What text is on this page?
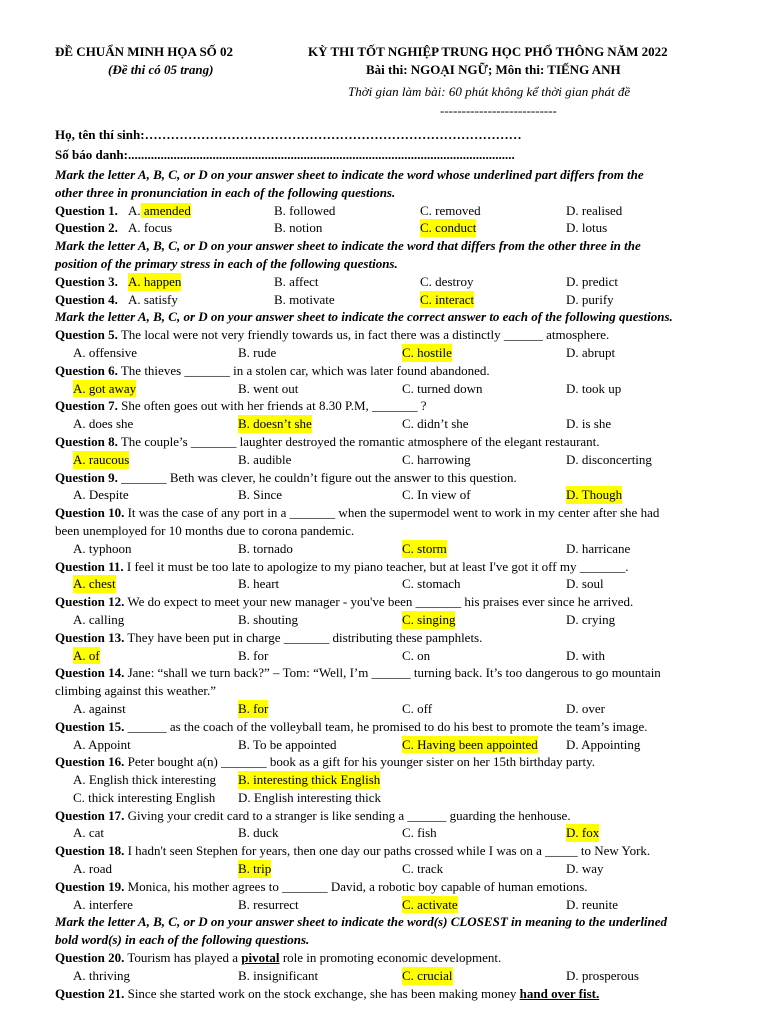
ĐỀ CHUẨN MINH HỌA SỐ 02
(Đề thi có 05 trang)
KỲ THI TỐT NGHIỆP TRUNG HỌC PHỔ THÔNG NĂM 2022
Bài thi: NGOẠI NGỮ; Môn thi: TIẾNG ANH
Thời gian làm bài: 60 phút không kể thời gian phát đề
---------------------------
Họ, tên thí sinh:……………………………………………………………………………
Số báo danh:.......................................................................................................................
Mark the letter A, B, C, or D on your answer sheet to indicate the word whose underlined part differs from the
other three in pronunciation in each of the following questions.
Question 1. A. amended	B. followed	C. removed	D. realised
Question 2. A. focus	B. notion	C. conduct	D. lotus
Mark the letter A, B, C, or D on your answer sheet to indicate the word that differs from the other three in the
position of the primary stress in each of the following questions.
Question 3. A. happen	B. affect	C. destroy	D. predict
Question 4. A. satisfy	B. motivate	C. interact	D. purify
Mark the letter A, B, C, or D on your answer sheet to indicate the correct answer to each of the following questions.
Question 5. The local were not very friendly towards us, in fact there was a distinctly ______ atmosphere.
A. offensive	B. rude	C. hostile	D. abrupt
Question 6. The thieves _______ in a stolen car, which was later found abandoned.
A. got away	B. went out	C. turned down	D. took up
Question 7. She often goes out with her friends at 8.30 P.M, _______ ?
A. does she	B. doesn’t she	C. didn’t she	D. is she
Question 8. The couple’s _______ laughter destroyed the romantic atmosphere of the elegant restaurant.
A. raucous	B. audible	C. harrowing	D. disconcerting
Question 9. _______ Beth was clever, he couldn’t figure out the answer to this question.
A. Despite	B. Since	C. In view of	D. Though
Question 10. It was the case of any port in a _______ when the supermodel went to work in my center after she had
been unemployed for 10 months due to corona pandemic.
A. typhoon	B. tornado	C. storm	D. harricane
Question 11. I feel it must be too late to apologize to my piano teacher, but at least I've got it off my _______.
A. chest	B. heart	C. stomach	D. soul
Question 12. We do expect to meet your new manager - you've been _______ his praises ever since he arrived.
A. calling	B. shouting	C. singing	D. crying
Question 13. They have been put in charge _______ distributing these pamphlets.
A. of	B. for	C. on	D. with
Question 14. Jane: “shall we turn back?” – Tom: “Well, I’m ______ turning back. It’s too dangerous to go mountain
climbing against this weather.”
A. against	B. for	C. off	D. over
Question 15. ______ as the coach of the volleyball team, he promised to do his best to promote the team’s image.
A. Appoint	B. To be appointed	C. Having been appointed D. Appointing
Question 16. Peter bought a(n) _______ book as a gift for his younger sister on her 15th birthday party.
A. English thick interesting B. interesting thick English
C. thick interesting English D. English interesting thick
Question 17. Giving your credit card to a stranger is like sending a ______ guarding the henhouse.
A. cat	B. duck	C. fish	D. fox
Question 18. I hadn't seen Stephen for years, then one day our paths crossed while I was on a _____ to New York.
A. road	B. trip	C. track	D. way
Question 19. Monica, his mother agrees to _______ David, a robotic boy capable of human emotions.
A. interfere	B. resurrect	C. activate	D. reunite
Mark the letter A, B, C, or D on your answer sheet to indicate the word(s) CLOSEST in meaning to the underlined
bold word(s) in each of the following questions.
Question 20. Tourism has played a pivotal role in promoting economic development.
A. thriving	B. insignificant	C. crucial	D. prosperous
Question 21. Since she started work on the stock exchange, she has been making money hand over fist.
